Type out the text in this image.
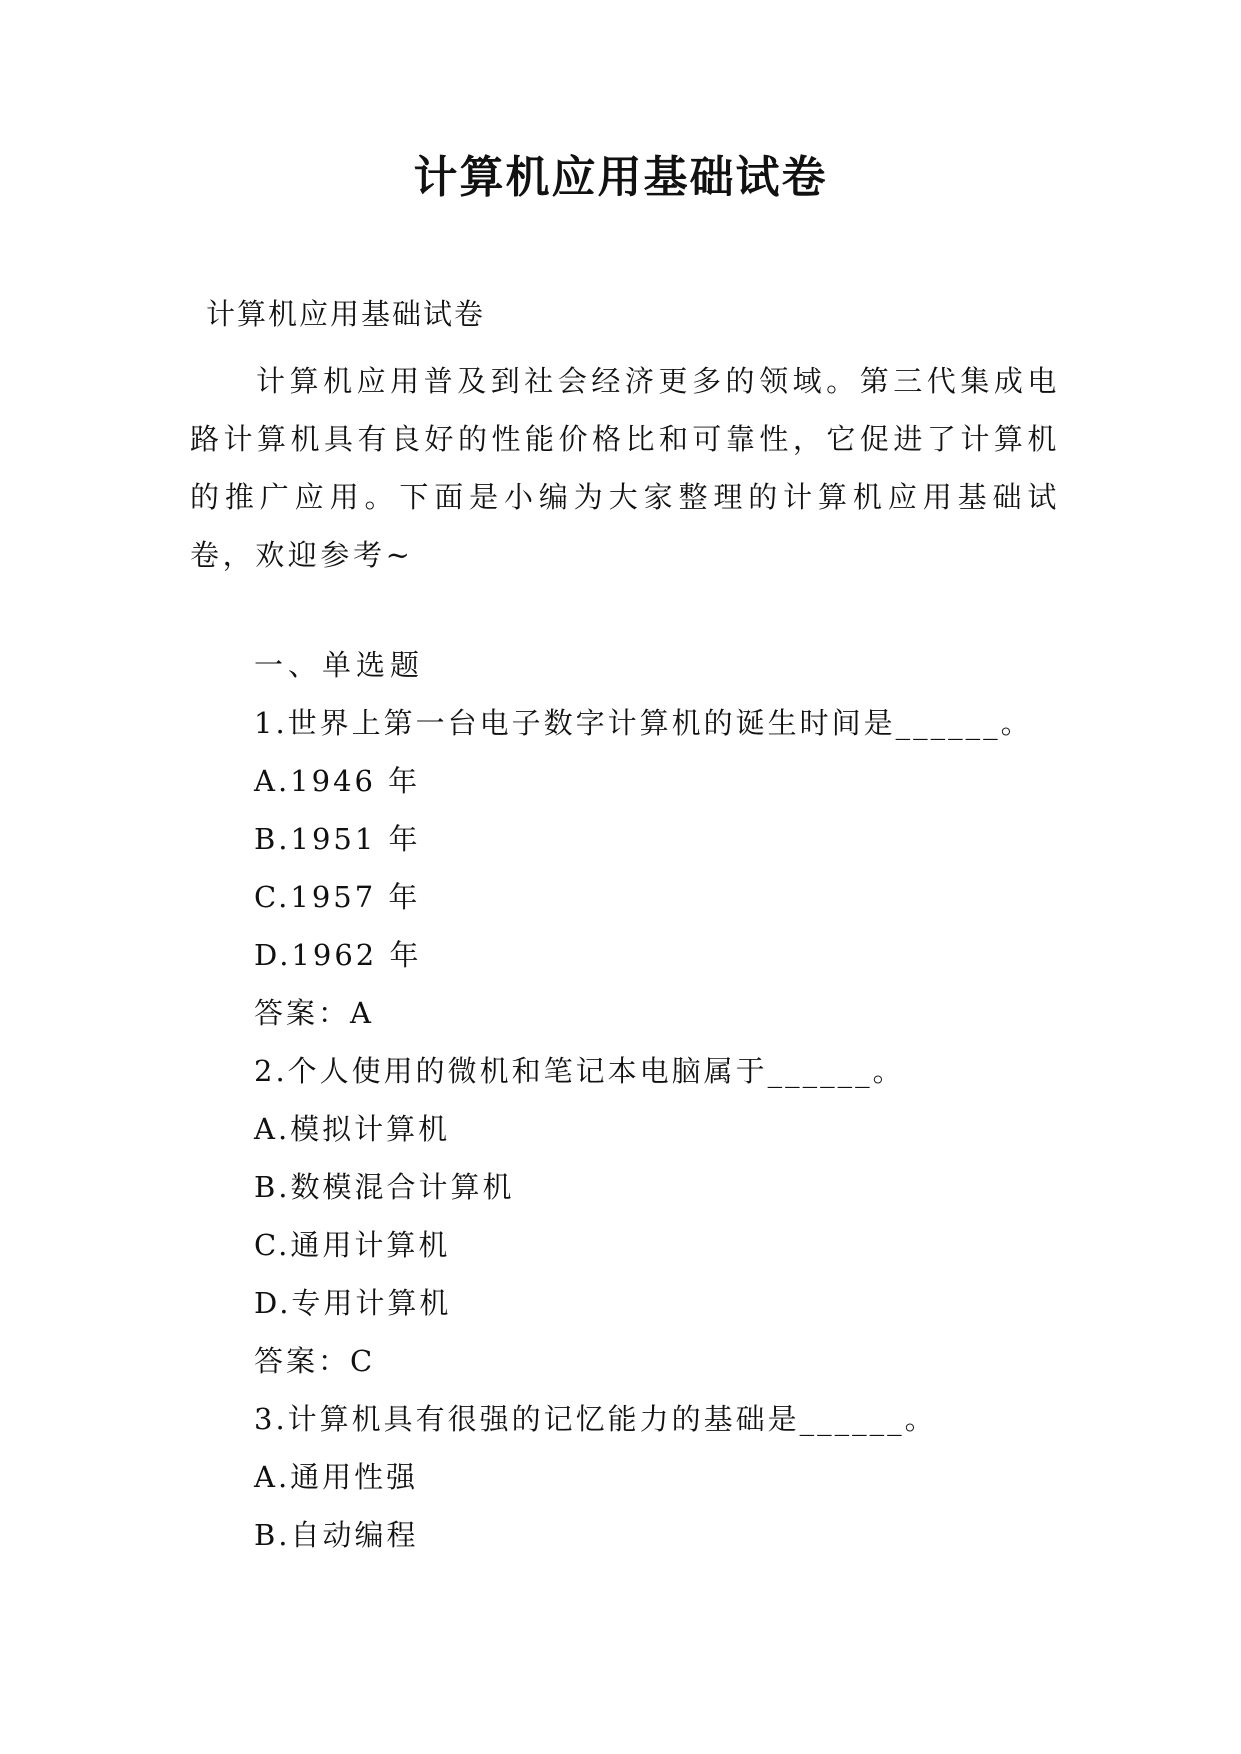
计算机应用基础试卷
计算机应用基础试卷

计算机应用普及到社会经济更多的领域。第三代集成电路计算机具有良好的性能价格比和可靠性，它促进了计算机的推广应用。下面是小编为大家整理的计算机应用基础试卷，欢迎参考~

一、单选题
1.世界上第一台电子数字计算机的诞生时间是______。
A.1946 年
B.1951 年
C.1957 年
D.1962 年
答案：A
2.个人使用的微机和笔记本电脑属于______。
A.模拟计算机
B.数模混合计算机
C.通用计算机
D.专用计算机
答案：C
3.计算机具有很强的记忆能力的基础是______。
A.通用性强
B.自动编程
